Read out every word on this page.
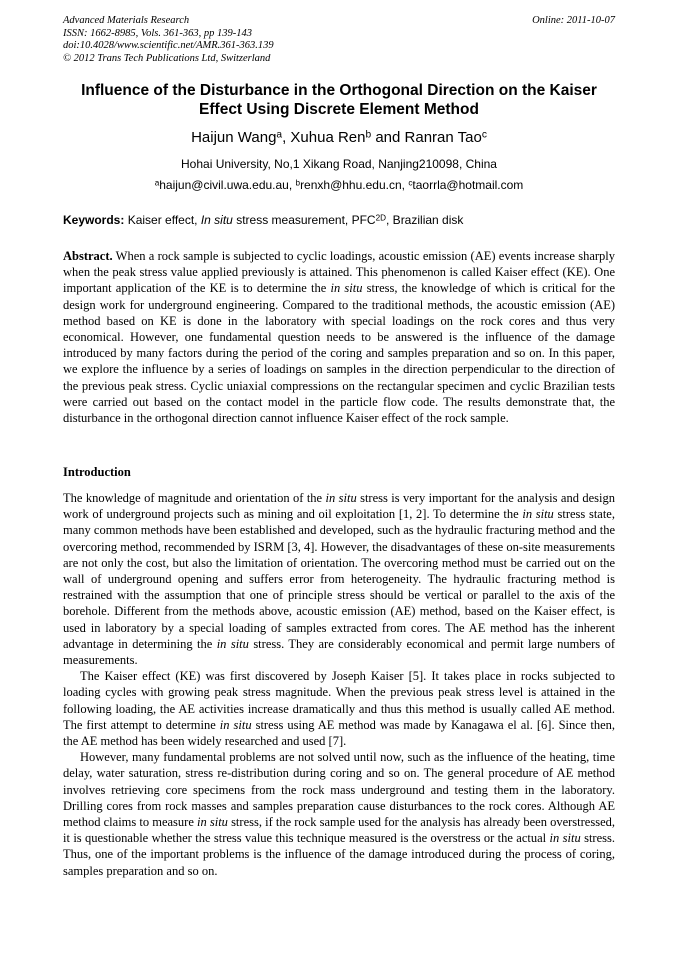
Advanced Materials Research
ISSN: 1662-8985, Vols. 361-363, pp 139-143
doi:10.4028/www.scientific.net/AMR.361-363.139
© 2012 Trans Tech Publications Ltd, Switzerland
Online: 2011-10-07
Influence of the Disturbance in the Orthogonal Direction on the Kaiser
Effect Using Discrete Element Method
Haijun Wang$^a$, Xuhua Ren$^b$ and Ranran Tao$^c$
Hohai University, No,1 Xikang Road, Nanjing210098, China
$^a$haijun@civil.uwa.edu.au, $^b$renxh@hhu.edu.cn, $^c$taorrla@hotmail.com
Keywords: Kaiser effect, In situ stress measurement, $PFC^{2D}$, Brazilian disk

Abstract. When a rock sample is subjected to cyclic loadings, acoustic emission (AE) events increase sharply when the peak stress value applied previously is attained. This phenomenon is called Kaiser effect (KE). One important application of the KE is to determine the in situ stress, the knowledge of which is critical for the design work for underground engineering. Compared to the traditional methods, the acoustic emission (AE) method based on KE is done in the laboratory with special loadings on the rock cores and thus very economical. However, one fundamental question needs to be answered is the influence of the damage introduced by many factors during the period of the coring and samples preparation and so on. In this paper, we explore the influence by a series of loadings on samples in the direction perpendicular to the direction of the previous peak stress. Cyclic uniaxial compressions on the rectangular specimen and cyclic Brazilian tests were carried out based on the contact model in the particle flow code. The results demonstrate that, the disturbance in the orthogonal direction cannot influence Kaiser effect of the rock sample.

Introduction

The knowledge of magnitude and orientation of the in situ stress is very important for the analysis and design work of underground projects such as mining and oil exploitation [1, 2]. To determine the in situ stress state, many common methods have been established and developed, such as the hydraulic fracturing method and the overcoring method, recommended by ISRM [3, 4]. However, the disadvantages of these on-site measurements are not only the cost, but also the limitation of orientation. The overcoring method must be carried out on the wall of underground opening and suffers error from heterogeneity. The hydraulic fracturing method is restrained with the assumption that one of principle stress should be vertical or parallel to the axis of the borehole. Different from the methods above, acoustic emission (AE) method, based on the Kaiser effect, is used in laboratory by a special loading of samples extracted from cores. The AE method has the inherent advantage in determining the in situ stress. They are considerably economical and permit large numbers of measurements.

The Kaiser effect (KE) was first discovered by Joseph Kaiser [5]. It takes place in rocks subjected to loading cycles with growing peak stress magnitude. When the previous peak stress level is attained in the following loading, the AE activities increase dramatically and thus this method is usually called AE method. The first attempt to determine in situ stress using AE method was made by Kanagawa el al. [6]. Since then, the AE method has been widely researched and used [7].

However, many fundamental problems are not solved until now, such as the influence of the heating, time delay, water saturation, stress re-distribution during coring and so on. The general procedure of AE method involves retrieving core specimens from the rock mass underground and testing them in the laboratory. Drilling cores from rock masses and samples preparation cause disturbances to the rock cores. Although AE method claims to measure in situ stress, if the rock sample used for the analysis has already been overstressed, it is questionable whether the stress value this technique measured is the overstress or the actual in situ stress. Thus, one of the important problems is the influence of the damage introduced during the process of coring, samples preparation and so on.
